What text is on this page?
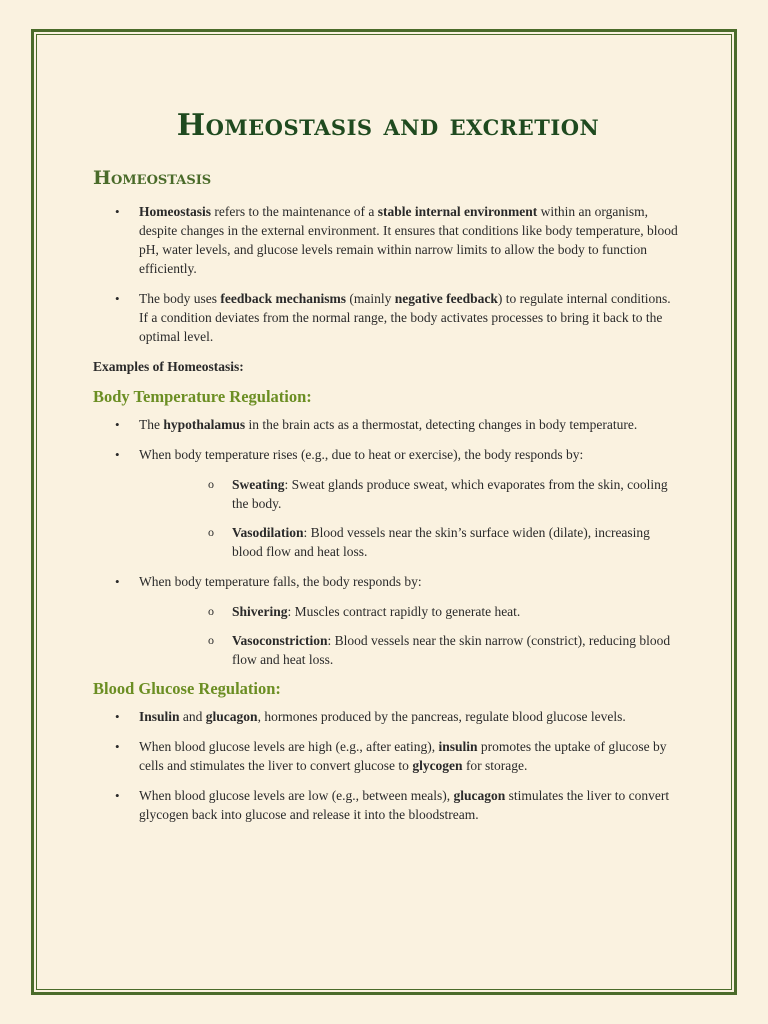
Homeostasis and excretion
Homeostasis
• Homeostasis refers to the maintenance of a stable internal environment within an organism, despite changes in the external environment. It ensures that conditions like body temperature, blood pH, water levels, and glucose levels remain within narrow limits to allow the body to function efficiently.
• The body uses feedback mechanisms (mainly negative feedback) to regulate internal conditions. If a condition deviates from the normal range, the body activates processes to bring it back to the optimal level.
Examples of Homeostasis:
Body Temperature Regulation:
• The hypothalamus in the brain acts as a thermostat, detecting changes in body temperature.
• When body temperature rises (e.g., due to heat or exercise), the body responds by:
o Sweating: Sweat glands produce sweat, which evaporates from the skin, cooling the body.
o Vasodilation: Blood vessels near the skin’s surface widen (dilate), increasing blood flow and heat loss.
• When body temperature falls, the body responds by:
o Shivering: Muscles contract rapidly to generate heat.
o Vasoconstriction: Blood vessels near the skin narrow (constrict), reducing blood flow and heat loss.
Blood Glucose Regulation:
• Insulin and glucagon, hormones produced by the pancreas, regulate blood glucose levels.
• When blood glucose levels are high (e.g., after eating), insulin promotes the uptake of glucose by cells and stimulates the liver to convert glucose to glycogen for storage.
• When blood glucose levels are low (e.g., between meals), glucagon stimulates the liver to convert glycogen back into glucose and release it into the bloodstream.
